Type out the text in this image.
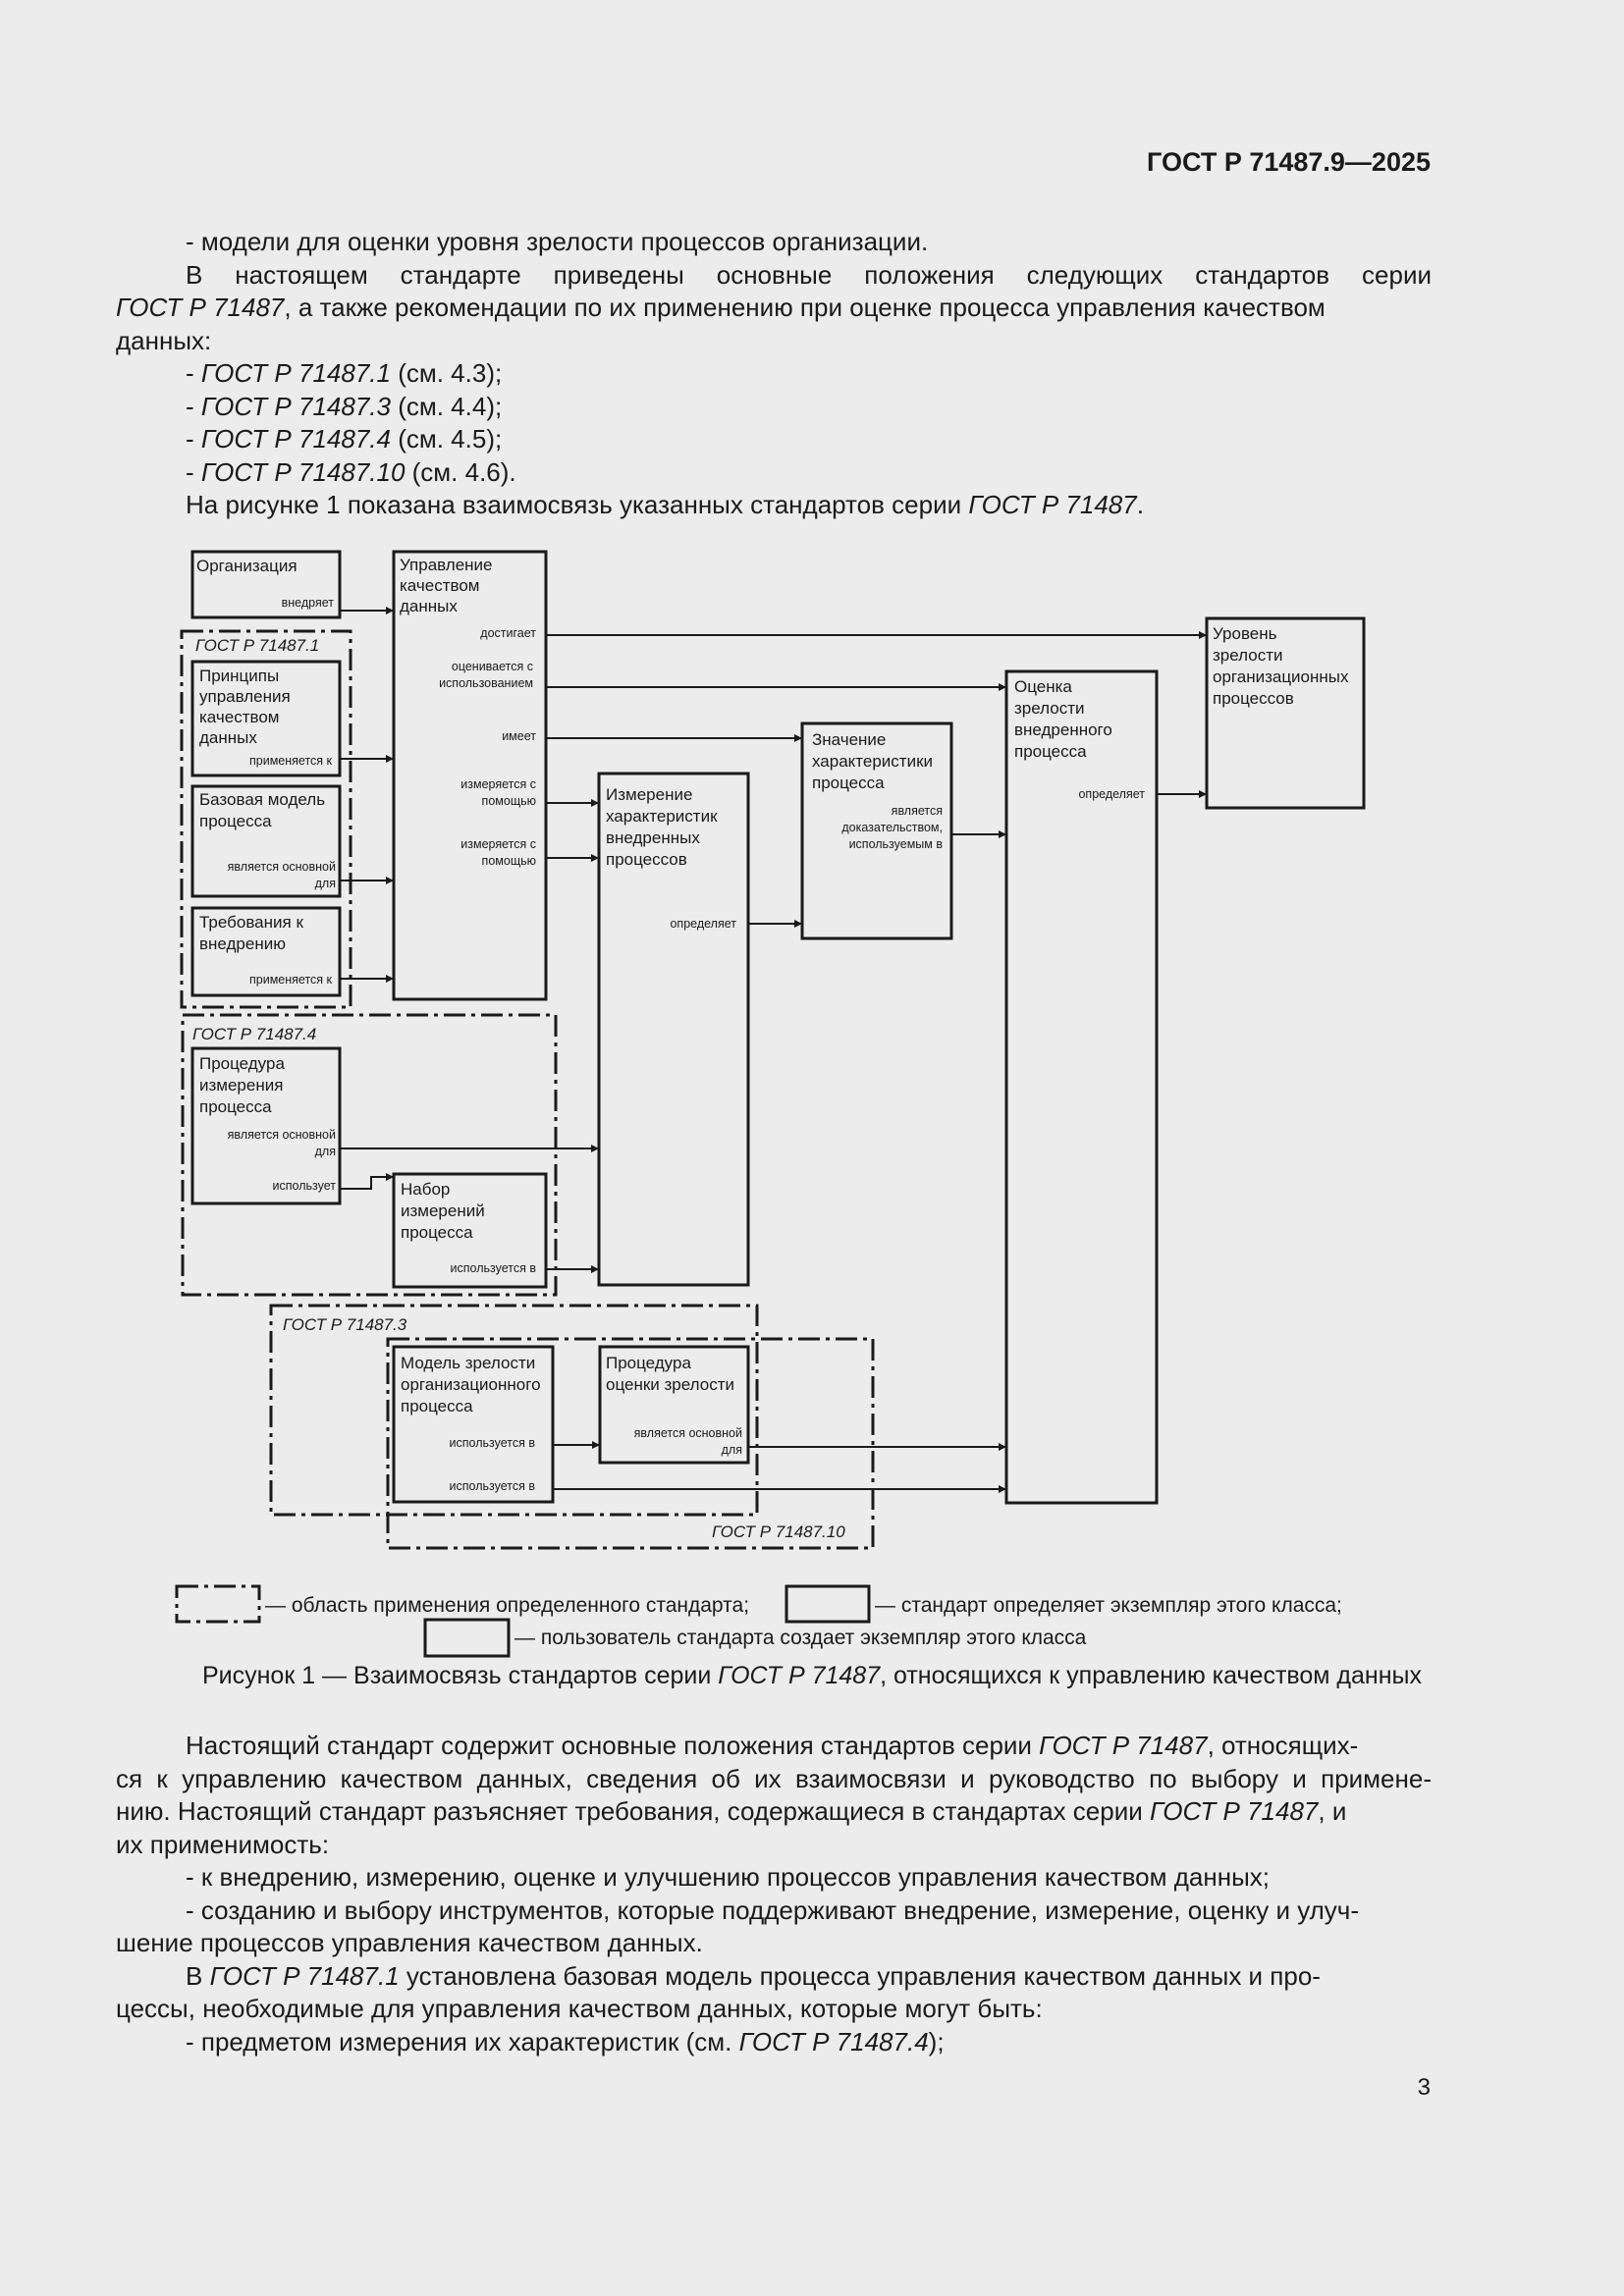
ГОСТ Р 71487.9—2025

- модели для оценки уровня зрелости процессов организации.

В настоящем стандарте приведены основные положения следующих стандартов серии

ГОСТ Р 71487, а также рекомендации по их применению при оценке процесса управления качеством

данных:

- ГОСТ Р 71487.1 (см. 4.3);

- ГОСТ Р 71487.3 (см. 4.4);

- ГОСТ Р 71487.4 (см. 4.5);

- ГОСТ Р 71487.10 (см. 4.6).

На рисунке 1 показана взаимосвязь указанных стандартов серии ГОСТ Р 71487.

Организация
внедряет
Управление
качеством
данных
достигает
оценивается с
использованием
имеет
измеряется с
помощью
измеряется с
помощью
ГОСТ Р 71487.1
Принципы
управления
качеством
данных
применяется к
Базовая модель
процесса
является основной
для
Требования к
внедрению
применяется к
ГОСТ Р 71487.4
Процедура
измерения
процесса
является основной
для
использует	Набор
измерений
процесса
используется в
Измерение
характеристик
внедренных
процессов
определяет
Значение
характеристики
процесса
является
доказательством,
используемым в
Оценка
зрелости
внедренного
процесса
определяет
Уровень
зрелости
организационных
процессов
ГОСТ Р 71487.3
ГОСТ Р 71487.10
Модель зрелости
организационного
процесса
используется в
используется в
Процедура
оценки зрелости
является основной
для
— область применения определенного стандарта;	— стандарт определяет экземпляр этого класса;
— пользователь стандарта создает экземпляр этого класса
Рисунок 1 — Взаимосвязь стандартов серии ГОСТ Р 71487, относящихся к управлению качеством данных

Настоящий стандарт содержит основные положения стандартов серии ГОСТ Р 71487, относящих-

ся к управлению качеством данных, сведения об их взаимосвязи и руководство по выбору и примене-

нию. Настоящий стандарт разъясняет требования, содержащиеся в стандартах серии ГОСТ Р 71487, и

их применимость:

- к внедрению, измерению, оценке и улучшению процессов управления качеством данных;

- созданию и выбору инструментов, которые поддерживают внедрение, измерение, оценку и улуч-

шение процессов управления качеством данных.

В ГОСТ Р 71487.1 установлена базовая модель процесса управления качеством данных и про-

цессы, необходимые для управления качеством данных, которые могут быть:

- предметом измерения их характеристик (см. ГОСТ Р 71487.4);

3
